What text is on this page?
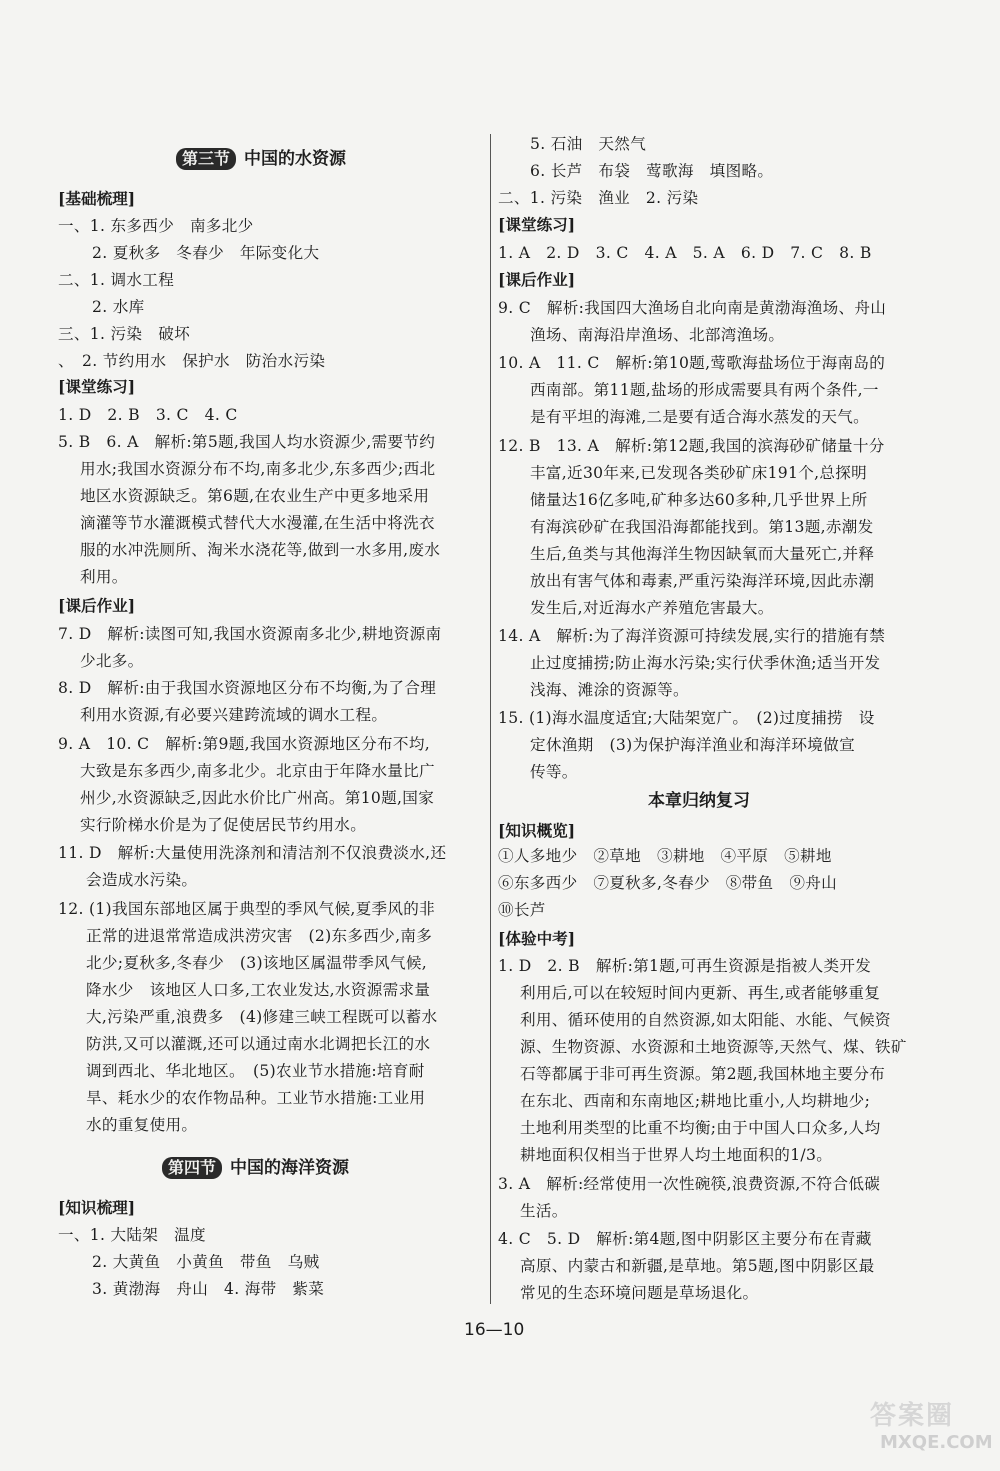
第三节 中国的水资源
[基础梳理]
一、1. 东多西少　南多北少
2. 夏秋多　冬春少　年际变化大
二、1. 调水工程
2. 水库
三、1. 污染　破坏
、　2. 节约用水　保护水　防治水污染
[课堂练习]
1. D　2. B　3. C　4. C
5. B　6. A　解析:第5题,我国人均水资源少,需要节约
用水;我国水资源分布不均,南多北少,东多西少;西北
地区水资源缺乏。第6题,在农业生产中更多地采用
滴灌等节水灌溉模式替代大水漫灌,在生活中将洗衣
服的水冲洗厕所、淘米水浇花等,做到一水多用,废水
利用。
[课后作业]
7. D　解析:读图可知,我国水资源南多北少,耕地资源南
少北多。
8. D　解析:由于我国水资源地区分布不均衡,为了合理
利用水资源,有必要兴建跨流域的调水工程。
9. A　10. C　解析:第9题,我国水资源地区分布不均,
大致是东多西少,南多北少。北京由于年降水量比广
州少,水资源缺乏,因此水价比广州高。第10题,国家
实行阶梯水价是为了促使居民节约用水。
11. D　解析:大量使用洗涤剂和清洁剂不仅浪费淡水,还
会造成水污染。
12. (1)我国东部地区属于典型的季风气候,夏季风的非
正常的进退常常造成洪涝灾害　(2)东多西少,南多
北少;夏秋多,冬春少　(3)该地区属温带季风气候,
降水少　该地区人口多,工农业发达,水资源需求量
大,污染严重,浪费多　(4)修建三峡工程既可以蓄水
防洪,又可以灌溉,还可以通过南水北调把长江的水
调到西北、华北地区。　(5)农业节水措施:培育耐
旱、耗水少的农作物品种。工业节水措施:工业用
水的重复使用。
第四节 中国的海洋资源
[知识梳理]
一、1. 大陆架　温度
2. 大黄鱼　小黄鱼　带鱼　乌贼
3. 黄渤海　舟山　4. 海带　紫菜
5. 石油　天然气
6. 长芦　布袋　莺歌海　填图略。
二、1. 污染　渔业　2. 污染
[课堂练习]
1. A　2. D　3. C　4. A　5. A　6. D　7. C　8. B
[课后作业]
9. C　解析:我国四大渔场自北向南是黄渤海渔场、舟山
渔场、南海沿岸渔场、北部湾渔场。
10. A　11. C　解析:第10题,莺歌海盐场位于海南岛的
西南部。第11题,盐场的形成需要具有两个条件,一
是有平坦的海滩,二是要有适合海水蒸发的天气。
12. B　13. A　解析:第12题,我国的滨海砂矿储量十分
丰富,近30年来,已发现各类砂矿床191个,总探明
储量达16亿多吨,矿种多达60多种,几乎世界上所
有海滨砂矿在我国沿海都能找到。第13题,赤潮发
生后,鱼类与其他海洋生物因缺氧而大量死亡,并释
放出有害气体和毒素,严重污染海洋环境,因此赤潮
发生后,对近海水产养殖危害最大。
14. A　解析:为了海洋资源可持续发展,实行的措施有禁
止过度捕捞;防止海水污染;实行伏季休渔;适当开发
浅海、滩涂的资源等。
15. (1)海水温度适宜;大陆架宽广。　(2)过度捕捞　设
定休渔期　(3)为保护海洋渔业和海洋环境做宣
传等。
本章归纳复习
[知识概览]
①人多地少　②草地　③耕地　④平原　⑤耕地
⑥东多西少　⑦夏秋多,冬春少　⑧带鱼　⑨舟山
⑩长芦
[体验中考]
1. D　2. B　解析:第1题,可再生资源是指被人类开发
利用后,可以在较短时间内更新、再生,或者能够重复
利用、循环使用的自然资源,如太阳能、水能、气候资
源、生物资源、水资源和土地资源等,天然气、煤、铁矿
石等都属于非可再生资源。第2题,我国林地主要分布
在东北、西南和东南地区;耕地比重小,人均耕地少;
土地利用类型的比重不均衡;由于中国人口众多,人均
耕地面积仅相当于世界人均土地面积的1/3。
3. A　解析:经常使用一次性碗筷,浪费资源,不符合低碳
生活。
4. C　5. D　解析:第4题,图中阴影区主要分布在青藏
高原、内蒙古和新疆,是草地。第5题,图中阴影区最
常见的生态环境问题是草场退化。
16—10
答案圈
MXQE.COM
